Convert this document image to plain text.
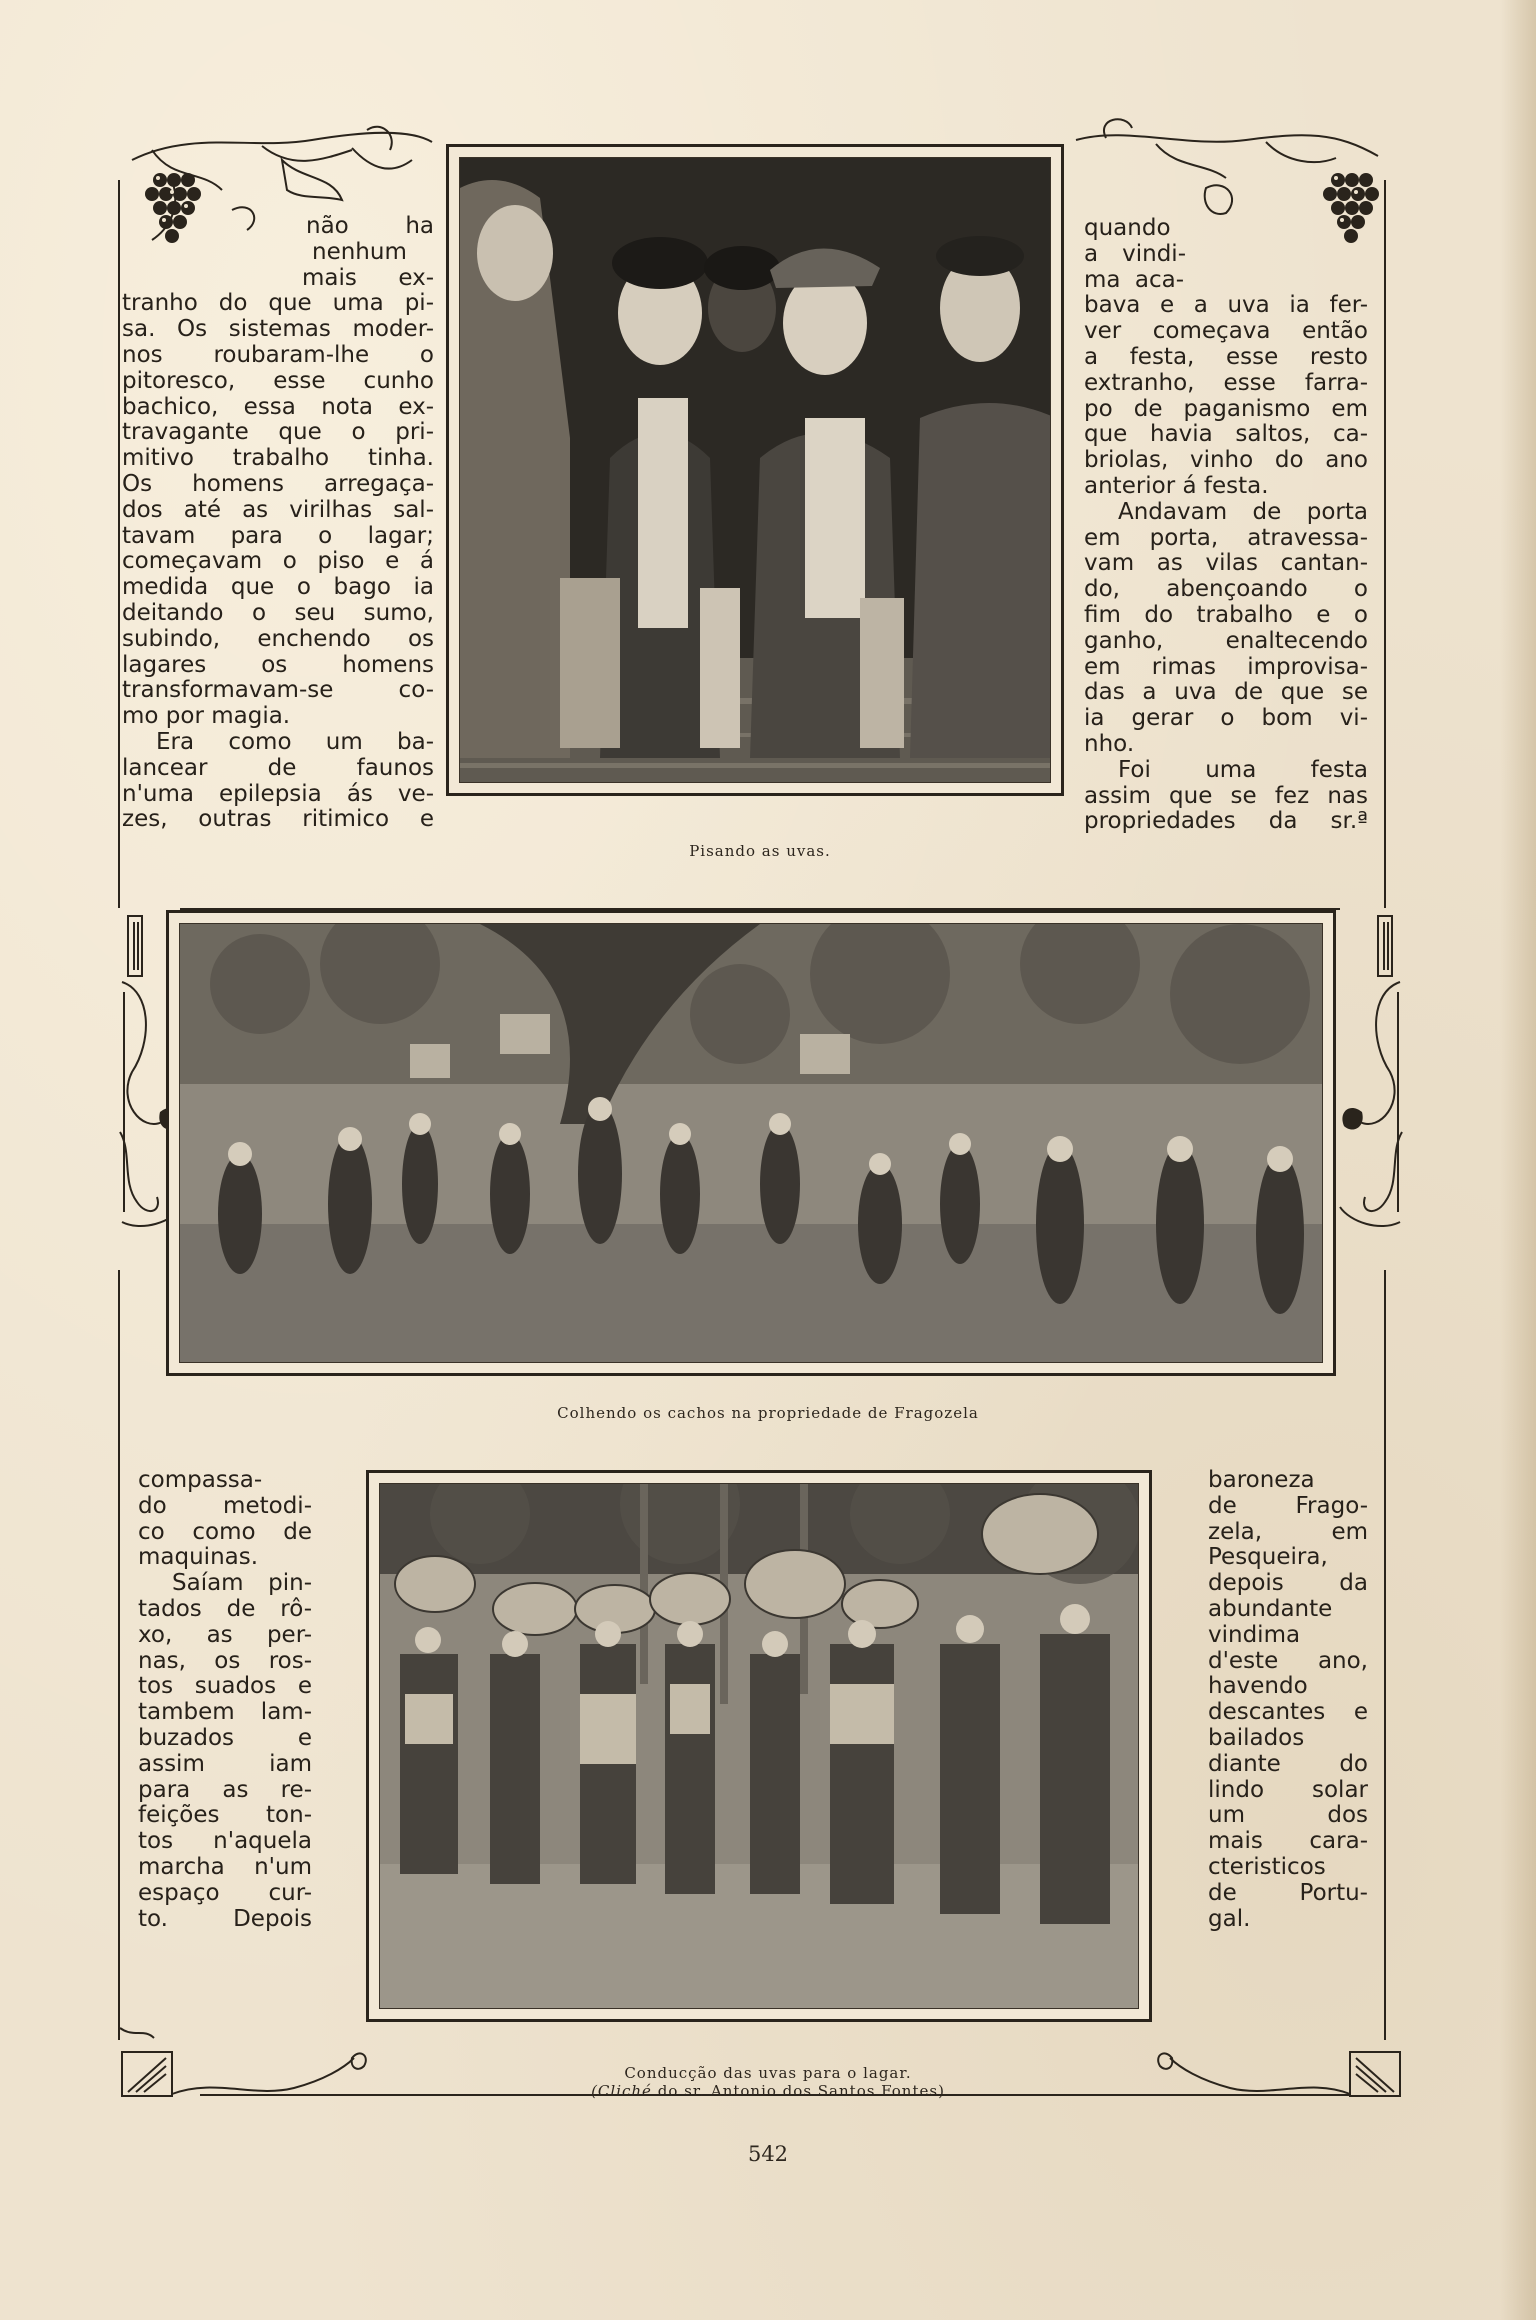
não ha

nenhum

mais ex-

tranho do que uma pi-

sa. Os sistemas moder-

nos roubaram-lhe o

pitoresco, esse cunho

bachico, essa nota ex-

travagante que o pri-

mitivo trabalho tinha.

Os homens arregaça-

dos até as virilhas sal-

tavam para o lagar;

começavam o piso e á

medida que o bago ia

deitando o seu sumo,

subindo, enchendo os

lagares os homens

transformavam-se co-

mo por magia.

Era como um ba-

lancear de faunos

n'uma epilepsia ás ve-

zes, outras ritimico e

Pisando as uvas.

quando

a vindi-

ma aca-

bava e a uva ia fer-

ver começava então

a festa, esse resto

extranho, esse farra-

po de paganismo em

que havia saltos, ca-

briolas, vinho do ano

anterior á festa.

Andavam de porta

em porta, atravessa-

vam as vilas cantan-

do, abençoando o

fim do trabalho e o

ganho, enaltecendo

em rimas improvisa-

das a uva de que se

ia gerar o bom vi-

nho.

Foi uma festa

assim que se fez nas

propriedades da sr.ª

Colhendo os cachos na propriedade de Fragozela

compassa-

do metodi-

co como de

maquinas.

Saíam pin-

tados de rô-

xo, as per-

nas, os ros-

tos suados e

tambem lam-

buzados e

assim iam

para as re-

feições ton-

tos n'aquela

marcha n'um

espaço cur-

to. Depois

baroneza

de Frago-

zela, em

Pesqueira,

depois da

abundante

vindima

d'este ano,

havendo

descantes e

bailados

diante do

lindo solar

um dos

mais cara-

cteristicos

de Portu-

gal.

Conducção das uvas para o lagar.
(Cliché do sr. Antonio dos Santos Fontes)
542
